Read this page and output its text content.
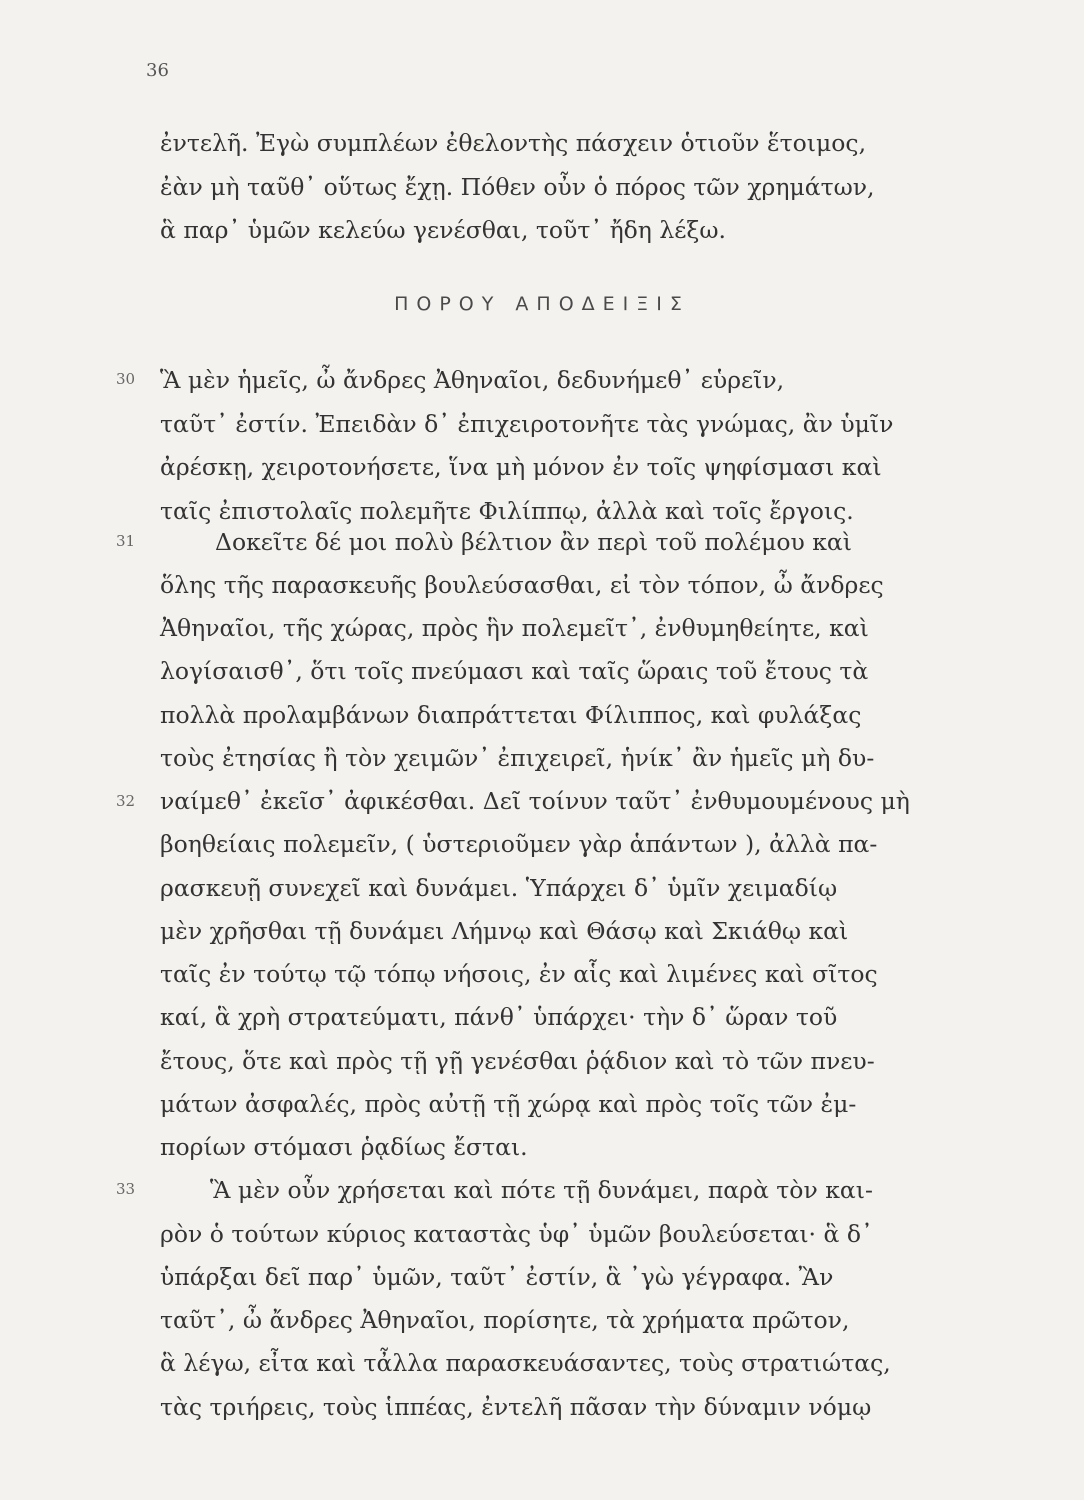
36
ἐντελῆ. Ἐγὼ συμπλέων ἐθελοντὴς πάσχειν ὁτιοῦν ἕτοιμος,
ἐὰν μὴ ταῦθ᾽ οὕτως ἔχῃ. Πόθεν οὖν ὁ πόρος τῶν χρημάτων,
ἃ παρ᾽ ὑμῶν κελεύω γενέσθαι, τοῦτ᾽ ἤδη λέξω.
ΠΟΡΟΥ ΑΠΟΔΕΙΞΙΣ
30 Ἃ μὲν ἡμεῖς, ὦ ἄνδρες Ἀθηναῖοι, δεδυνήμεθ᾽ εὑρεῖν,
ταῦτ᾽ ἐστίν. Ἐπειδὰν δ᾽ ἐπιχειροτονῆτε τὰς γνώμας, ἂν ὑμῖν
ἀρέσκῃ, χειροτονήσετε, ἵνα μὴ μόνον ἐν τοῖς ψηφίσμασι καὶ
ταῖς ἐπιστολαῖς πολεμῆτε Φιλίππῳ, ἀλλὰ καὶ τοῖς ἔργοις.
31	Δοκεῖτε δέ μοι πολὺ βέλτιον ἂν περὶ τοῦ πολέμου καὶ
ὅλης τῆς παρασκευῆς βουλεύσασθαι, εἰ τὸν τόπον, ὦ ἄνδρες
Ἀθηναῖοι, τῆς χώρας, πρὸς ἣν πολεμεῖτ᾽, ἐνθυμηθείητε, καὶ
λογίσαισθ᾽, ὅτι τοῖς πνεύμασι καὶ ταῖς ὥραις τοῦ ἔτους τὰ
πολλὰ προλαμβάνων διαπράττεται Φίλιππος, καὶ φυλάξας
τοὺς ἐτησίας ἢ τὸν χειμῶν᾽ ἐπιχειρεῖ, ἡνίκ᾽ ἂν ἡμεῖς μὴ δυ-
32 ναίμεθ᾽ ἐκεῖσ᾽ ἀφικέσθαι. Δεῖ τοίνυν ταῦτ᾽ ἐνθυμουμένους μὴ
βοηθείαις πολεμεῖν, ( ὑστεριοῦμεν γὰρ ἁπάντων ), ἀλλὰ πα-
ρασκευῇ συνεχεῖ καὶ δυνάμει. Ὑπάρχει δ᾽ ὑμῖν χειμαδίῳ
μὲν χρῆσθαι τῇ δυνάμει Λήμνῳ καὶ Θάσῳ καὶ Σκιάθῳ καὶ
ταῖς ἐν τούτῳ τῷ τόπῳ νήσοις, ἐν αἷς καὶ λιμένες καὶ σῖτος
καί, ἃ χρὴ στρατεύματι, πάνθ᾽ ὑπάρχει· τὴν δ᾽ ὥραν τοῦ
ἔτους, ὅτε καὶ πρὸς τῇ γῇ γενέσθαι ῥᾴδιον καὶ τὸ τῶν πνευ-
μάτων ἀσφαλές, πρὸς αὐτῇ τῇ χώρᾳ καὶ πρὸς τοῖς τῶν ἐμ-
πορίων στόμασι ῥᾳδίως ἔσται.
33	Ἃ μὲν οὖν χρήσεται καὶ πότε τῇ δυνάμει, παρὰ τὸν και-
ρὸν ὁ τούτων κύριος καταστὰς ὑφ᾽ ὑμῶν βουλεύσεται· ἃ δ᾽
ὑπάρξαι δεῖ παρ᾽ ὑμῶν, ταῦτ᾽ ἐστίν, ἃ ᾽γὼ γέγραφα. Ἂν
ταῦτ᾽, ὦ ἄνδρες Ἀθηναῖοι, πορίσητε, τὰ χρήματα πρῶτον,
ἃ λέγω, εἶτα καὶ τἆλλα παρασκευάσαντες, τοὺς στρατιώτας,
τὰς τριήρεις, τοὺς ἱππέας, ἐντελῆ πᾶσαν τὴν δύναμιν νόμῳ
